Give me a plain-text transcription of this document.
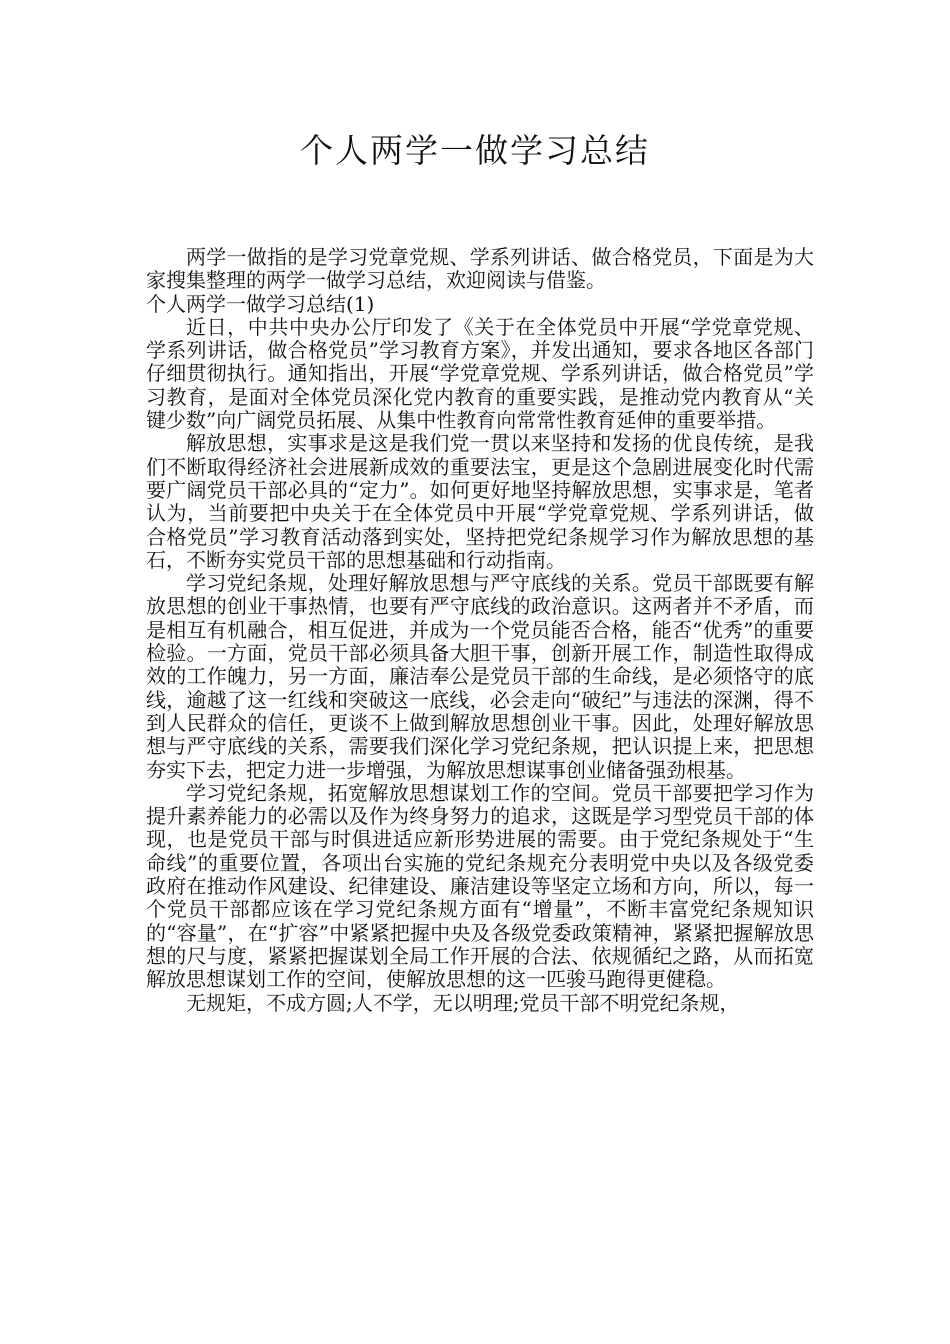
个人两学一做学习总结

两学一做指的是学习党章党规、学系列讲话、做合格党员，下面是为大家搜集整理的两学一做学习总结，欢迎阅读与借鉴。

个人两学一做学习总结(1)

近日，中共中央办公厅印发了《关于在全体党员中开展“学党章党规、学系列讲话，做合格党员”学习教育方案》，并发出通知，要求各地区各部门仔细贯彻执行。通知指出，开展“学党章党规、学系列讲话，做合格党员”学习教育，是面对全体党员深化党内教育的重要实践，是推动党内教育从“关键少数”向广阔党员拓展、从集中性教育向常常性教育延伸的重要举措。

解放思想，实事求是这是我们党一贯以来坚持和发扬的优良传统，是我们不断取得经济社会进展新成效的重要法宝，更是这个急剧进展变化时代需要广阔党员干部必具的“定力”。如何更好地坚持解放思想，实事求是，笔者认为，当前要把中央关于在全体党员中开展“学党章党规、学系列讲话，做合格党员”学习教育活动落到实处，坚持把党纪条规学习作为解放思想的基石，不断夯实党员干部的思想基础和行动指南。

学习党纪条规，处理好解放思想与严守底线的关系。党员干部既要有解放思想的创业干事热情，也要有严守底线的政治意识。这两者并不矛盾，而是相互有机融合，相互促进，并成为一个党员能否合格，能否“优秀”的重要检验。一方面，党员干部必须具备大胆干事，创新开展工作，制造性取得成效的工作魄力，另一方面，廉洁奉公是党员干部的生命线，是必须恪守的底线，逾越了这一红线和突破这一底线，必会走向“破纪”与违法的深渊，得不到人民群众的信任，更谈不上做到解放思想创业干事。因此，处理好解放思想与严守底线的关系，需要我们深化学习党纪条规，把认识提上来，把思想夯实下去，把定力进一步增强，为解放思想谋事创业储备强劲根基。

学习党纪条规，拓宽解放思想谋划工作的空间。党员干部要把学习作为提升素养能力的必需以及作为终身努力的追求，这既是学习型党员干部的体现，也是党员干部与时俱进适应新形势进展的需要。由于党纪条规处于“生命线”的重要位置，各项出台实施的党纪条规充分表明党中央以及各级党委政府在推动作风建设、纪律建设、廉洁建设等坚定立场和方向，所以，每一个党员干部都应该在学习党纪条规方面有“增量”，不断丰富党纪条规知识的“容量”，在“扩容”中紧紧把握中央及各级党委政策精神，紧紧把握解放思想的尺与度，紧紧把握谋划全局工作开展的合法、依规循纪之路，从而拓宽解放思想谋划工作的空间，使解放思想的这一匹骏马跑得更健稳。

无规矩，不成方圆;人不学，无以明理;党员干部不明党纪条规，
